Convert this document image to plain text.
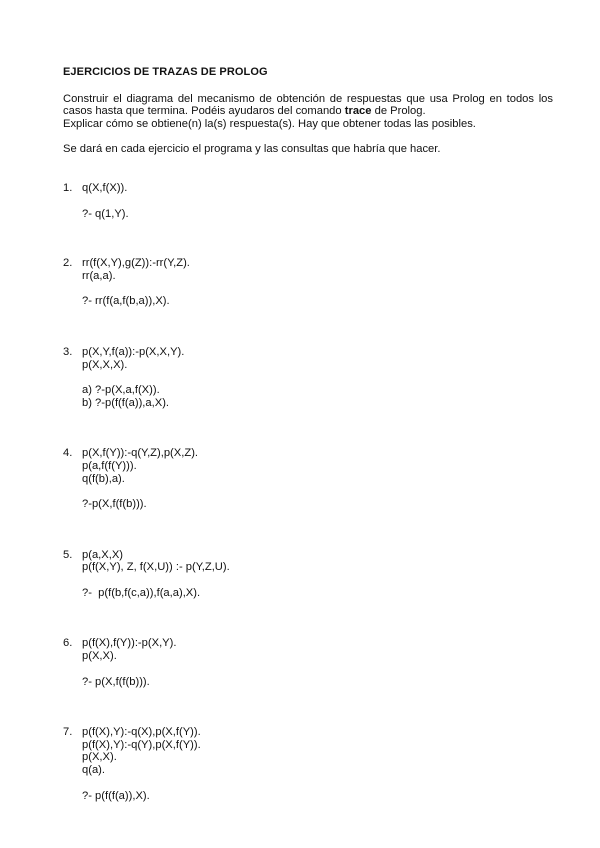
EJERCICIOS DE TRAZAS DE PROLOG

Construir el diagrama del mecanismo de obtención de respuestas que usa Prolog en todos los casos hasta que termina. Podéis ayudaros del comando trace de Prolog.

Explicar cómo se obtiene(n) la(s) respuesta(s). Hay que obtener todas las posibles.

Se dará en cada ejercicio el programa y las consultas que habría que hacer.

1. q(X,f(X)).
?- q(1,Y).
2. rr(f(X,Y),g(Z)):-rr(Y,Z).
rr(a,a).
?- rr(f(a,f(b,a)),X).
3. p(X,Y,f(a)):-p(X,X,Y).
p(X,X,X).
a) ?-p(X,a,f(X)).
b) ?-p(f(f(a)),a,X).
4. p(X,f(Y)):-q(Y,Z),p(X,Z).
p(a,f(f(Y))).
q(f(b),a).
?-p(X,f(f(b))).
5. p(a,X,X)
p(f(X,Y), Z, f(X,U)) :- p(Y,Z,U).
?-  p(f(b,f(c,a)),f(a,a),X).
6. p(f(X),f(Y)):-p(X,Y).
p(X,X).
?- p(X,f(f(b))).
7. p(f(X),Y):-q(X),p(X,f(Y)).
p(f(X),Y):-q(Y),p(X,f(Y)).
p(X,X).
q(a).
?- p(f(f(a)),X).
